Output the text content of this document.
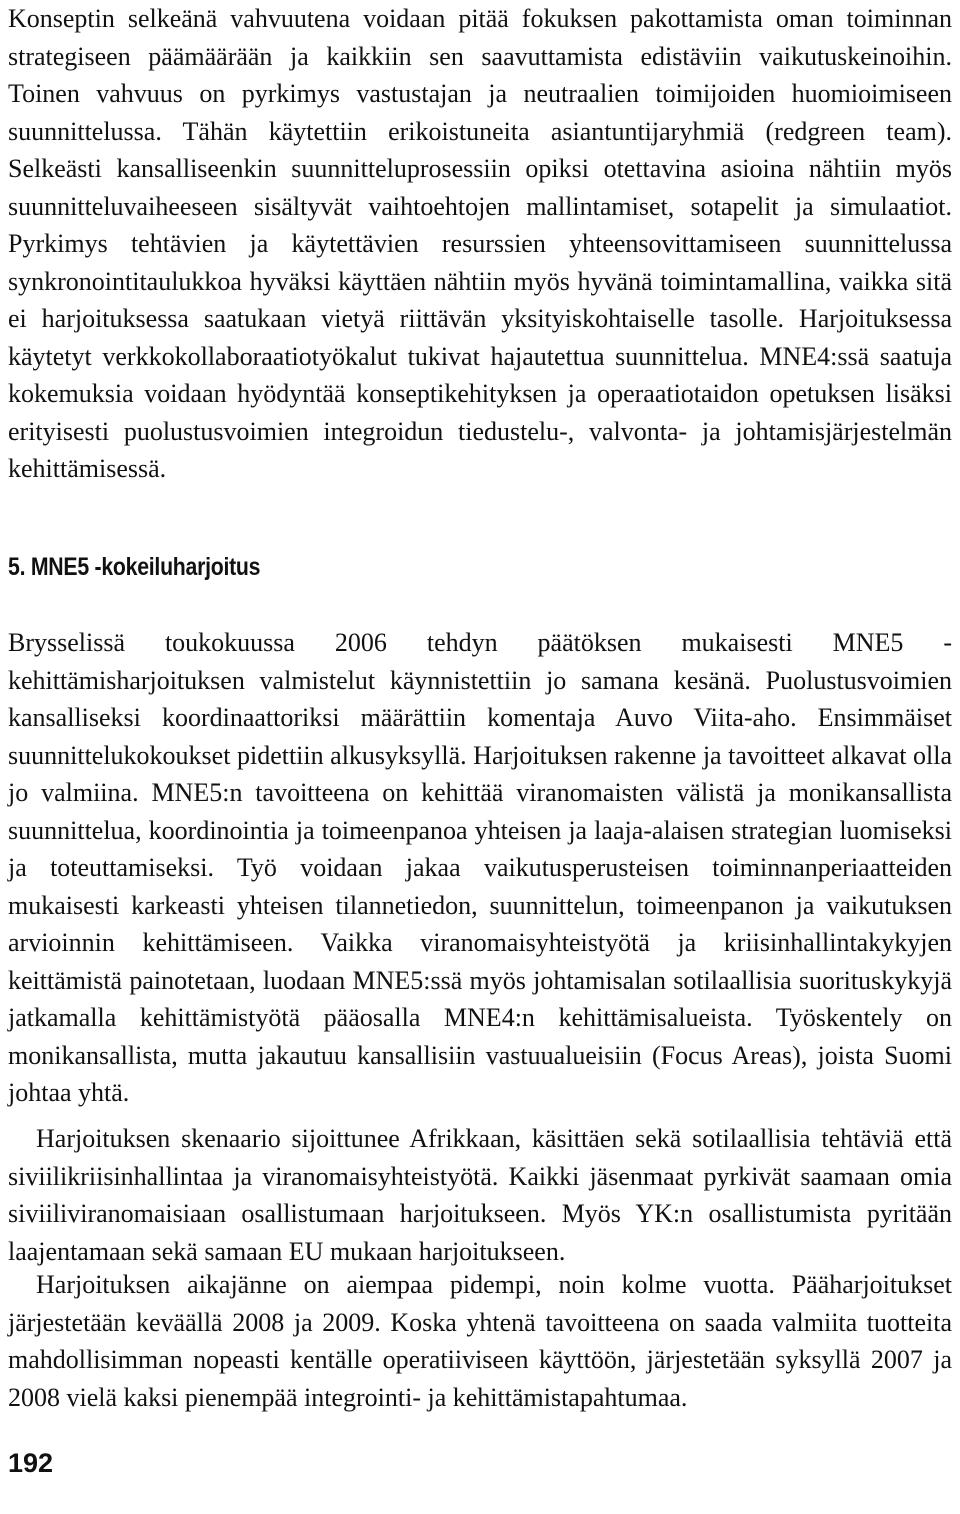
Konseptin selkeänä vahvuutena voidaan pitää fokuksen pakottamista oman toiminnan strategiseen päämäärään ja kaikkiin sen saavuttamista edistäviin vaikutuskeinoihin. Toinen vahvuus on pyrkimys vastustajan ja neutraalien toimijoiden huomioimiseen suunnittelussa. Tähän käytettiin erikoistuneita asiantuntijaryhmiä (redgreen team). Selkeästi kansalliseenkin suunnitteluprosessiin opiksi otettavina asioina nähtiin myös suunnitteluvaiheeseen sisältyvät vaihtoehtojen mallintamiset, sotapelit ja simulaatiot. Pyrkimys tehtävien ja käytettävien resurssien yhteensovittamiseen suunnittelussa synkronointitaulukkoa hyväksi käyttäen nähtiin myös hyvänä toimintamallina, vaikka sitä ei harjoituksessa saatukaan vietyä riittävän yksityiskohtaiselle tasolle. Harjoituksessa käytetyt verkkokollaboraatiotyökalut tukivat hajautettua suunnittelua. MNE4:ssä saatuja kokemuksia voidaan hyödyntää konseptikehityksen ja operaatiotaidon opetuksen lisäksi erityisesti puolustusvoimien integroidun tiedustelu-, valvonta- ja johtamisjärjestelmän kehittämisessä.

5. MNE5 -kokeiluharjoitus

Brysselissä toukokuussa 2006 tehdyn päätöksen mukaisesti MNE5 -kehittämisharjoituksen valmistelut käynnistettiin jo samana kesänä. Puolustusvoimien kansalliseksi koordinaattoriksi määrättiin komentaja Auvo Viita-aho. Ensimmäiset suunnittelukokoukset pidettiin alkusyksyllä. Harjoituksen rakenne ja tavoitteet alkavat olla jo valmiina. MNE5:n tavoitteena on kehittää viranomaisten välistä ja monikansallista suunnittelua, koordinointia ja toimeenpanoa yhteisen ja laaja-alaisen strategian luomiseksi ja toteuttamiseksi. Työ voidaan jakaa vaikutusperusteisen toiminnanperiaatteiden mukaisesti karkeasti yhteisen tilannetiedon, suunnittelun, toimeenpanon ja vaikutuksen arvioinnin kehittämiseen. Vaikka viranomaisyhteistyötä ja kriisinhallintakykyjen keittämistä painotetaan, luodaan MNE5:ssä myös johtamisalan sotilaallisia suorituskykyjä jatkamalla kehittämistyötä pääosalla MNE4:n kehittämisalueista. Työskentely on monikansallista, mutta jakautuu kansallisiin vastuualueisiin (Focus Areas), joista Suomi johtaa yhtä.

Harjoituksen skenaario sijoittunee Afrikkaan, käsittäen sekä sotilaallisia tehtäviä että siviilikriisinhallintaa ja viranomaisyhteistyötä. Kaikki jäsenmaat pyrkivät saamaan omia siviiliviranomaisiaan osallistumaan harjoitukseen. Myös YK:n osallistumista pyritään laajentamaan sekä samaan EU mukaan harjoitukseen.

Harjoituksen aikajänne on aiempaa pidempi, noin kolme vuotta. Pääharjoitukset järjestetään keväällä 2008 ja 2009. Koska yhtenä tavoitteena on saada valmiita tuotteita mahdollisimman nopeasti kentälle operatiiviseen käyttöön, järjestetään syksyllä 2007 ja 2008 vielä kaksi pienempää integrointi- ja kehittämistapahtumaa.

192
